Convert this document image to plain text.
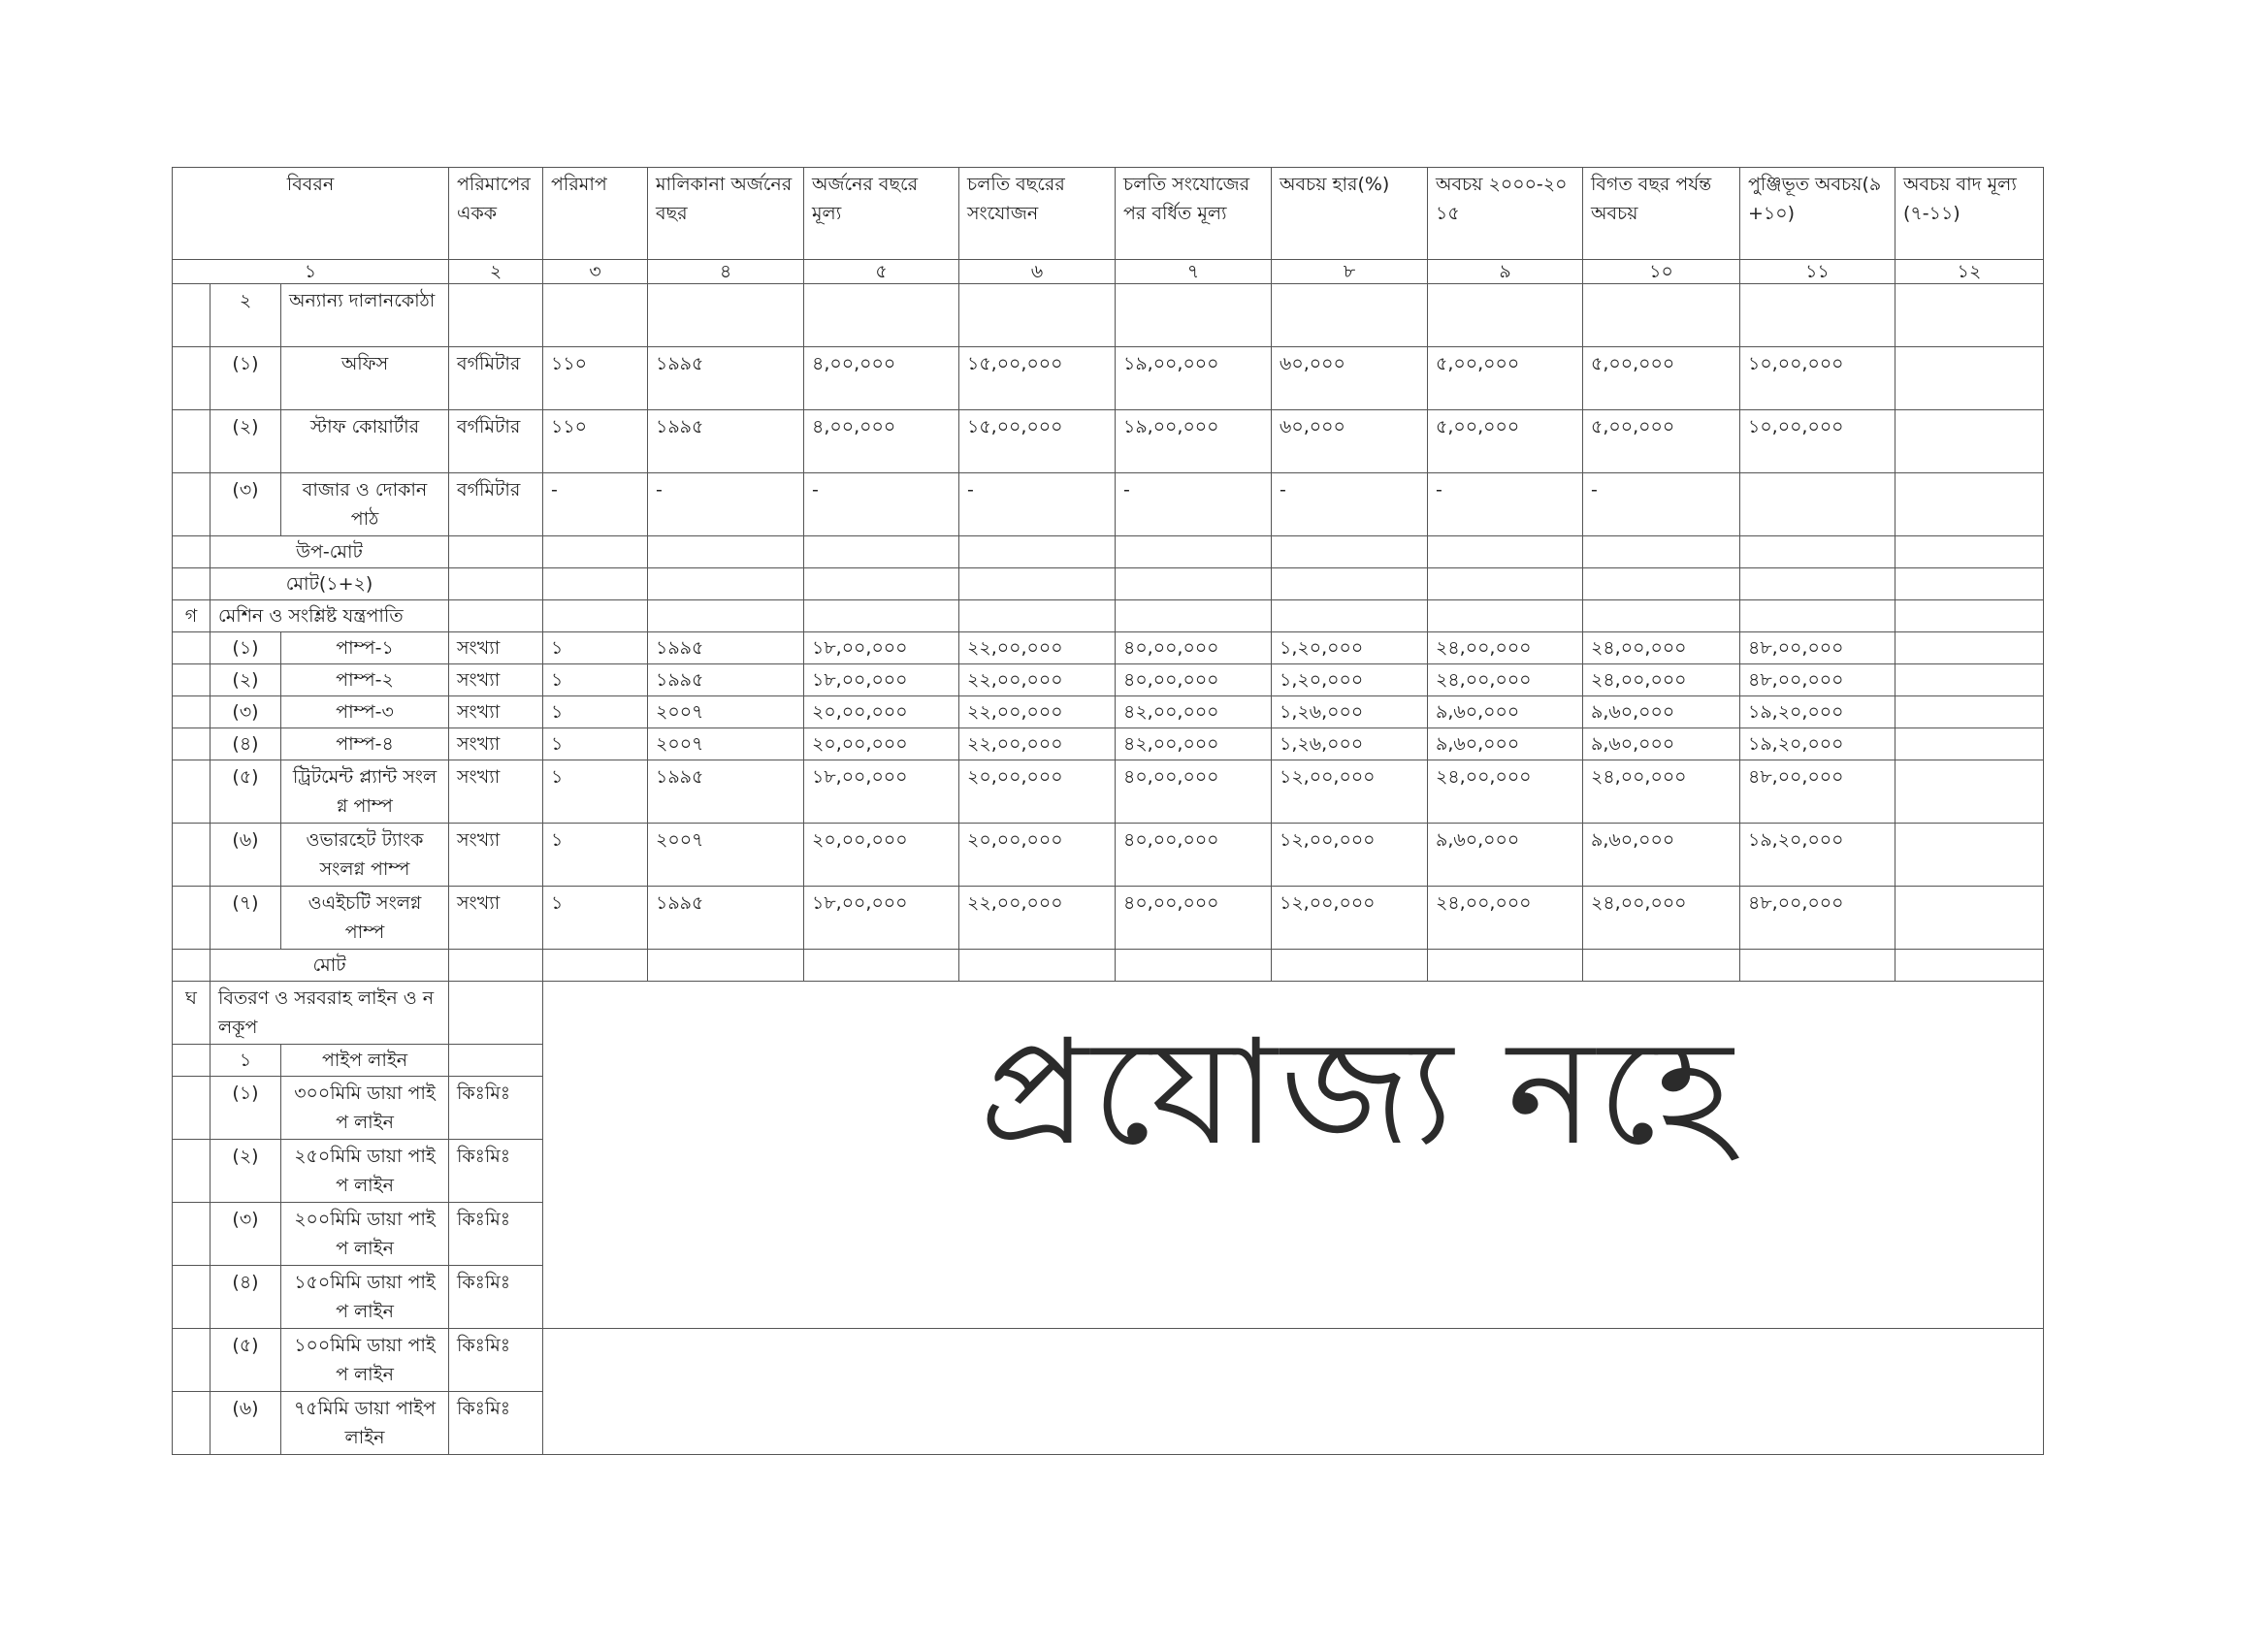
বিবরন			পরিমাপের একক	পরিমাপ	মালিকানা অর্জনের বছর	অর্জনের বছরে মূল্য	চলতি বছরের সংযোজন	চলতি সংযোজের পর বর্ধিত মূল্য	অবচয় হার(%)	অবচয় ২০০০-২০১৫	বিগত বছর পর্যন্ত অবচয়	পুঞ্জিভূত অবচয়(৯+১০)	অবচয় বাদ মূল্য(৭-১১)
১			২	৩	৪	৫	৬	৭	৮	৯	১০	১১	১২
	২	অন্যান্য দালানকোঠা											
	(১)	অফিস	বর্গমিটার	১১০	১৯৯৫	৪,০০,০০০	১৫,০০,০০০	১৯,০০,০০০	৬০,০০০	৫,০০,০০০	৫,০০,০০০	১০,০০,০০০	
	(২)	স্টাফ কোয়ার্টার	বর্গমিটার	১১০	১৯৯৫	৪,০০,০০০	১৫,০০,০০০	১৯,০০,০০০	৬০,০০০	৫,০০,০০০	৫,০০,০০০	১০,০০,০০০	
	(৩)	বাজার ও দোকানপাঠ	বর্গমিটার	-	-	-	-	-	-	-	-		
	উপ-মোট												
	মোট(১+২)												
গ	মেশিন ও সংশ্লিষ্ট যন্ত্রপাতি												
	(১)	পাম্প-১	সংখ্যা	১	১৯৯৫	১৮,০০,০০০	২২,০০,০০০	৪০,০০,০০০	১,২০,০০০	২৪,০০,০০০	২৪,০০,০০০	৪৮,০০,০০০	
	(২)	পাম্প-২	সংখ্যা	১	১৯৯৫	১৮,০০,০০০	২২,০০,০০০	৪০,০০,০০০	১,২০,০০০	২৪,০০,০০০	২৪,০০,০০০	৪৮,০০,০০০	
	(৩)	পাম্প-৩	সংখ্যা	১	২০০৭	২০,০০,০০০	২২,০০,০০০	৪২,০০,০০০	১,২৬,০০০	৯,৬০,০০০	৯,৬০,০০০	১৯,২০,০০০	
	(৪)	পাম্প-৪	সংখ্যা	১	২০০৭	২০,০০,০০০	২২,০০,০০০	৪২,০০,০০০	১,২৬,০০০	৯,৬০,০০০	৯,৬০,০০০	১৯,২০,০০০	
	(৫)	ট্রিটমেন্ট প্ল্যান্ট সংলগ্ন পাম্প	সংখ্যা	১	১৯৯৫	১৮,০০,০০০	২০,০০,০০০	৪০,০০,০০০	১২,০০,০০০	২৪,০০,০০০	২৪,০০,০০০	৪৮,০০,০০০	
	(৬)	ওভারহেট ট্যাংক সংলগ্ন পাম্প	সংখ্যা	১	২০০৭	২০,০০,০০০	২০,০০,০০০	৪০,০০,০০০	১২,০০,০০০	৯,৬০,০০০	৯,৬০,০০০	১৯,২০,০০০	
	(৭)	ওএইচটি সংলগ্ন পাম্প	সংখ্যা	১	১৯৯৫	১৮,০০,০০০	২২,০০,০০০	৪০,০০,০০০	১২,০০,০০০	২৪,০০,০০০	২৪,০০,০০০	৪৮,০০,০০০	
	মোট												
ঘ	বিতরণ ও সরবরাহ লাইন ও নলকূপ			প্রযোজ্য নহে									

	১	পাইপ লাইন											
	(১)	৩০০মিমি ডায়া পাইপ লাইন	কিঃমিঃ										
	(২)	২৫০মিমি ডায়া পাইপ লাইন	কিঃমিঃ										
	(৩)	২০০মিমি ডায়া পাইপ লাইন	কিঃমিঃ										
	(৪)	১৫০মিমি ডায়া পাইপ লাইন	কিঃমিঃ										
	(৫)	১০০মিমি ডায়া পাইপ লাইন	কিঃমিঃ										
	(৬)	৭৫মিমি ডায়া পাইপ লাইন	কিঃমিঃ										
